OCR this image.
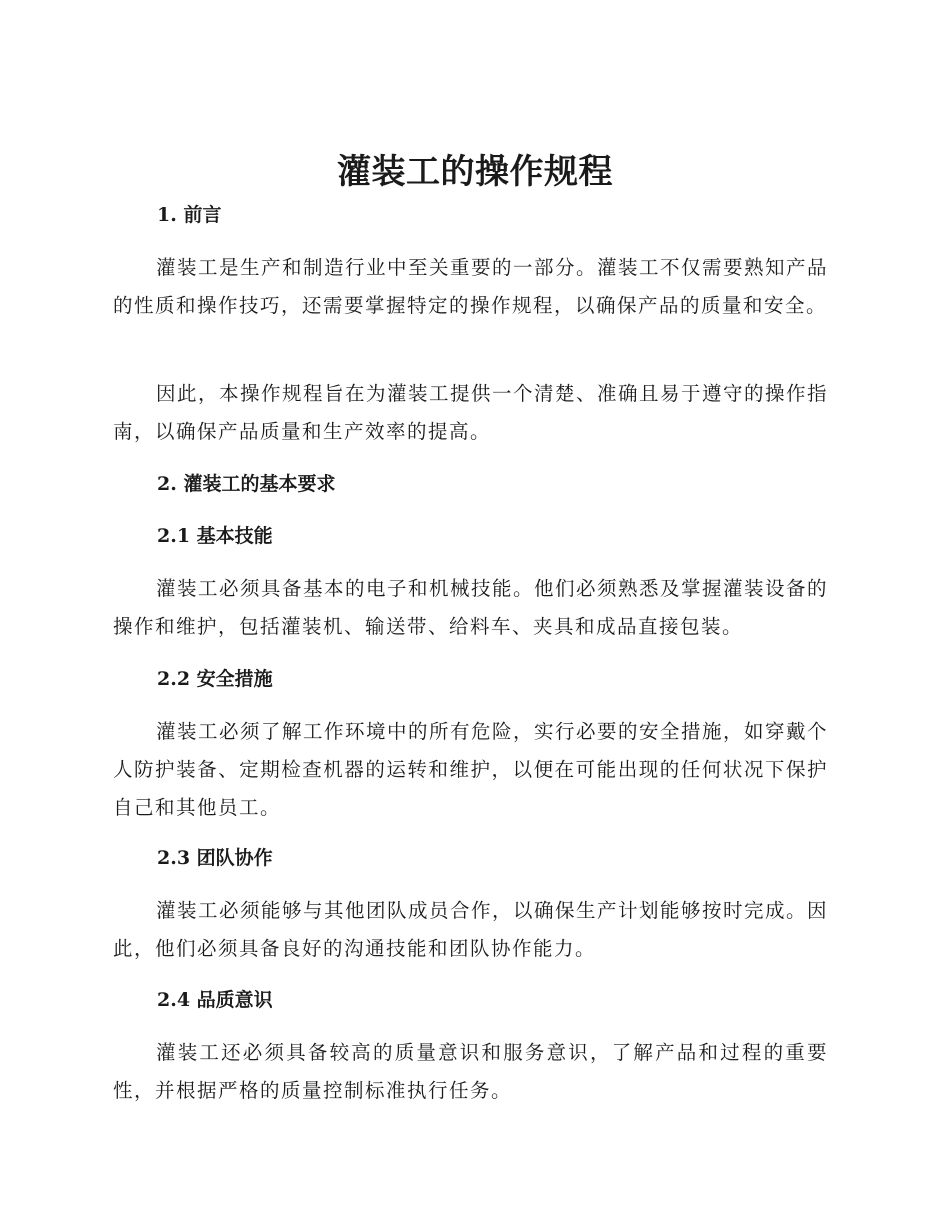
灌装工的操作规程
1. 前言

灌装工是生产和制造行业中至关重要的一部分。灌装工不仅需要熟知产品的性质和操作技巧，还需要掌握特定的操作规程，以确保产品的质量和安全。

因此，本操作规程旨在为灌装工提供一个清楚、准确且易于遵守的操作指南，以确保产品质量和生产效率的提高。

2. 灌装工的基本要求
2.1 基本技能

灌装工必须具备基本的电子和机械技能。他们必须熟悉及掌握灌装设备的操作和维护，包括灌装机、输送带、给料车、夹具和成品直接包装。

2.2 安全措施

灌装工必须了解工作环境中的所有危险，实行必要的安全措施，如穿戴个人防护装备、定期检查机器的运转和维护，以便在可能出现的任何状况下保护自己和其他员工。

2.3 团队协作

灌装工必须能够与其他团队成员合作，以确保生产计划能够按时完成。因此，他们必须具备良好的沟通技能和团队协作能力。

2.4 品质意识

灌装工还必须具备较高的质量意识和服务意识，了解产品和过程的重要性，并根据严格的质量控制标准执行任务。
